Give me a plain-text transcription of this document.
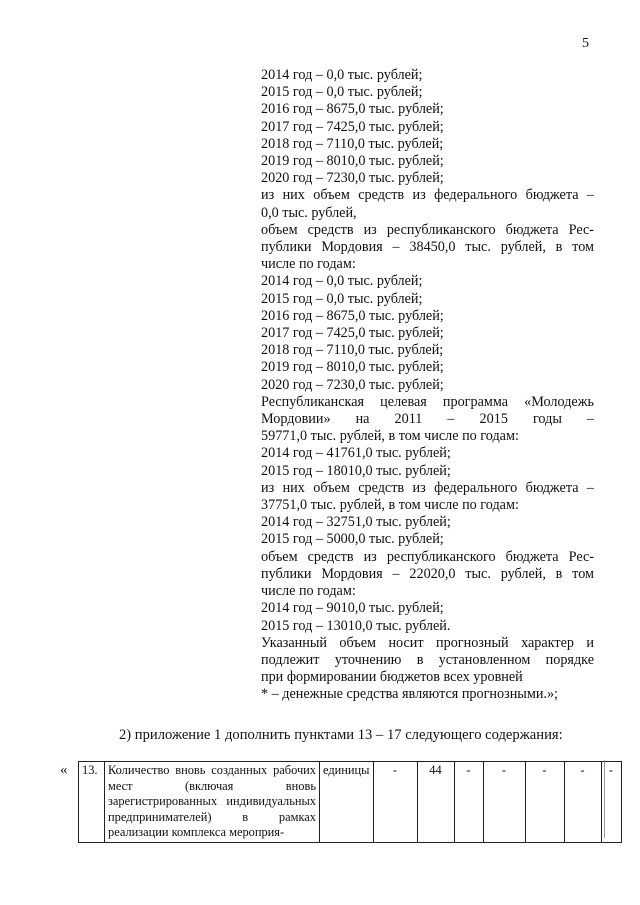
5
2014 год – 0,0 тыс. рублей;
2015 год – 0,0 тыс. рублей;
2016 год – 8675,0 тыс. рублей;
2017 год – 7425,0 тыс. рублей;
2018 год – 7110,0 тыс. рублей;
2019 год – 8010,0 тыс. рублей;
2020 год – 7230,0 тыс. рублей;
из них объем средств из федерального бюджета –
0,0 тыс. рублей,
объем средств из республиканского бюджета Рес-
публики Мордовия – 38450,0 тыс. рублей, в том
числе по годам:
2014 год – 0,0 тыс. рублей;
2015 год – 0,0 тыс. рублей;
2016 год – 8675,0 тыс. рублей;
2017 год – 7425,0 тыс. рублей;
2018 год – 7110,0 тыс. рублей;
2019 год – 8010,0 тыс. рублей;
2020 год – 7230,0 тыс. рублей;
Республиканская целевая программа «Молодежь
Мордовии» на 2011 – 2015 годы –
59771,0 тыс. рублей, в том числе по годам:
2014 год – 41761,0 тыс. рублей;
2015 год – 18010,0 тыс. рублей;
из них объем средств из федерального бюджета –
37751,0 тыс. рублей, в том числе по годам:
2014 год – 32751,0 тыс. рублей;
2015 год – 5000,0 тыс. рублей;
объем средств из республиканского бюджета Рес-
публики Мордовия – 22020,0 тыс. рублей, в том
числе по годам:
2014 год – 9010,0 тыс. рублей;
2015 год – 13010,0 тыс. рублей.
Указанный объем носит прогнозный характер и
подлежит уточнению в установленном порядке
при формировании бюджетов всех уровней
* – денежные средства являются прогнозными.»;
2) приложение 1 дополнить пунктами 13 – 17 следующего содержания:
« 13.	Количество вновь созданных рабочих мест (включая вновь зарегистрированных индивидуальных предпринимателей) в рамках реализации комплекса мероприя-	единицы	-	44	-	-	-	-	-
